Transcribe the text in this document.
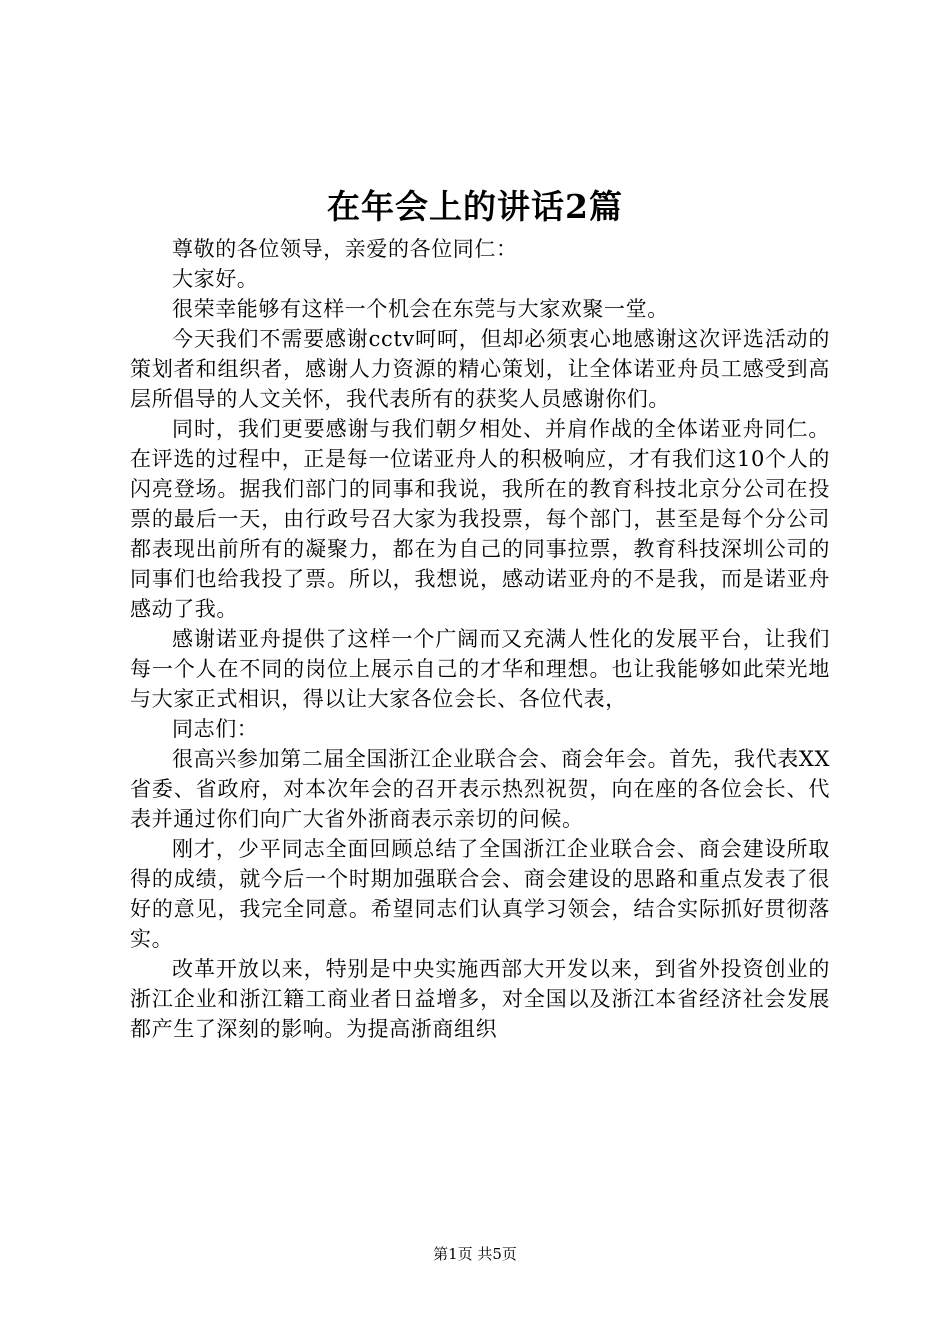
在年会上的讲话2篇

尊敬的各位领导，亲爱的各位同仁：

大家好。

很荣幸能够有这样一个机会在东莞与大家欢聚一堂。

今天我们不需要感谢cctv呵呵，但却必须衷心地感谢这次评选活动的策划者和组织者，感谢人力资源的精心策划，让全体诺亚舟员工感受到高层所倡导的人文关怀，我代表所有的获奖人员感谢你们。

同时，我们更要感谢与我们朝夕相处、并肩作战的全体诺亚舟同仁。在评选的过程中，正是每一位诺亚舟人的积极响应，才有我们这10个人的闪亮登场。据我们部门的同事和我说，我所在的教育科技北京分公司在投票的最后一天，由行政号召大家为我投票，每个部门，甚至是每个分公司都表现出前所有的凝聚力，都在为自己的同事拉票，教育科技深圳公司的同事们也给我投了票。所以，我想说，感动诺亚舟的不是我，而是诺亚舟感动了我。

感谢诺亚舟提供了这样一个广阔而又充满人性化的发展平台，让我们每一个人在不同的岗位上展示自己的才华和理想。也让我能够如此荣光地与大家正式相识，得以让大家各位会长、各位代表，

同志们：

很高兴参加第二届全国浙江企业联合会、商会年会。首先，我代表XX省委、省政府，对本次年会的召开表示热烈祝贺，向在座的各位会长、代表并通过你们向广大省外浙商表示亲切的问候。

刚才，少平同志全面回顾总结了全国浙江企业联合会、商会建设所取得的成绩，就今后一个时期加强联合会、商会建设的思路和重点发表了很好的意见，我完全同意。希望同志们认真学习领会，结合实际抓好贯彻落实。

改革开放以来，特别是中央实施西部大开发以来，到省外投资创业的浙江企业和浙江籍工商业者日益增多，对全国以及浙江本省经济社会发展都产生了深刻的影响。为提高浙商组织

第1页 共5页
